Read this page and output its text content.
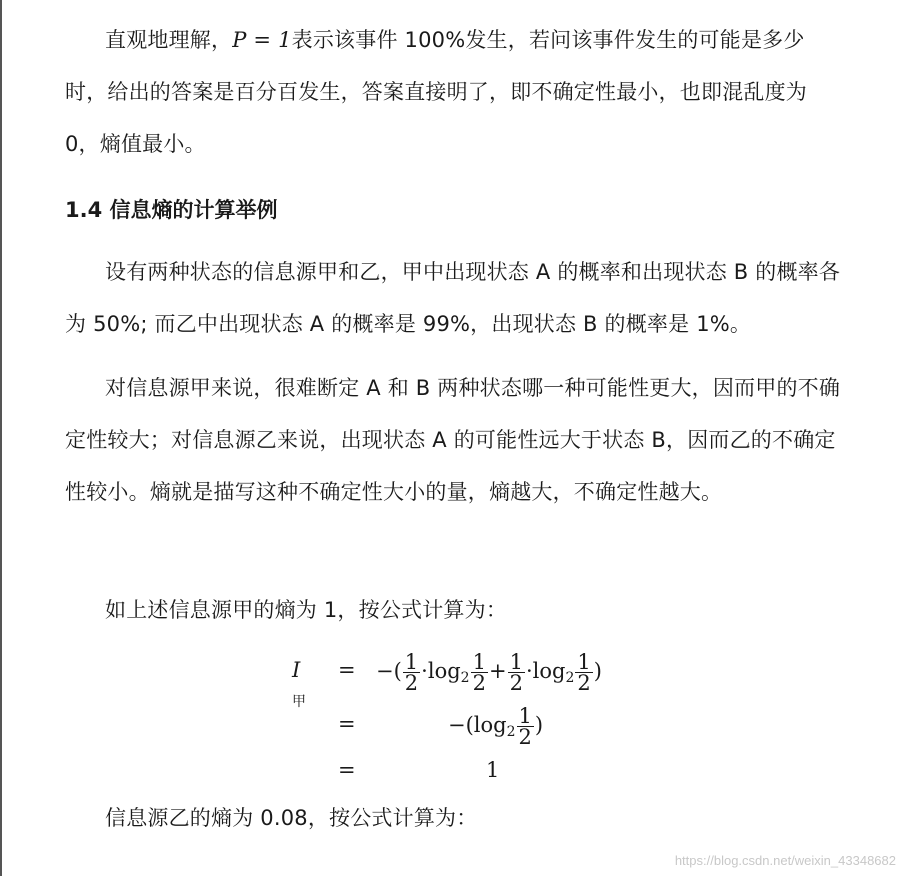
直观地理解，P = 1表示该事件 100%发生，若问该事件发生的可能是多少时，给出的答案是百分百发生，答案直接明了，即不确定性最小，也即混乱度为 0，熵值最小。

1.4 信息熵的计算举例

设有两种状态的信息源甲和乙，甲中出现状态 A 的概率和出现状态 B 的概率各为 50%; 而乙中出现状态 A 的概率是 99%，出现状态 B 的概率是 1%。

对信息源甲来说，很难断定 A 和 B 两种状态哪一种可能性更大，因而甲的不确定性较大；对信息源乙来说，出现状态 A 的可能性远大于状态 B，因而乙的不确定性较小。熵就是描写这种不确定性大小的量，熵越大，不确定性越大。

如上述信息源甲的熵为 1，按公式计算为：

$I_甲$
= −( $\frac{1}{2} \cdot\log 2 \frac{1}{2} + \frac{1}{2} \cdot\log 2 \frac{1}{2}$ )
=	$-(\log 2 \frac{1}{2}$ )
=	1

信息源乙的熵为 0.08，按公式计算为：

https://blog.csdn.net/weixin_43348682
